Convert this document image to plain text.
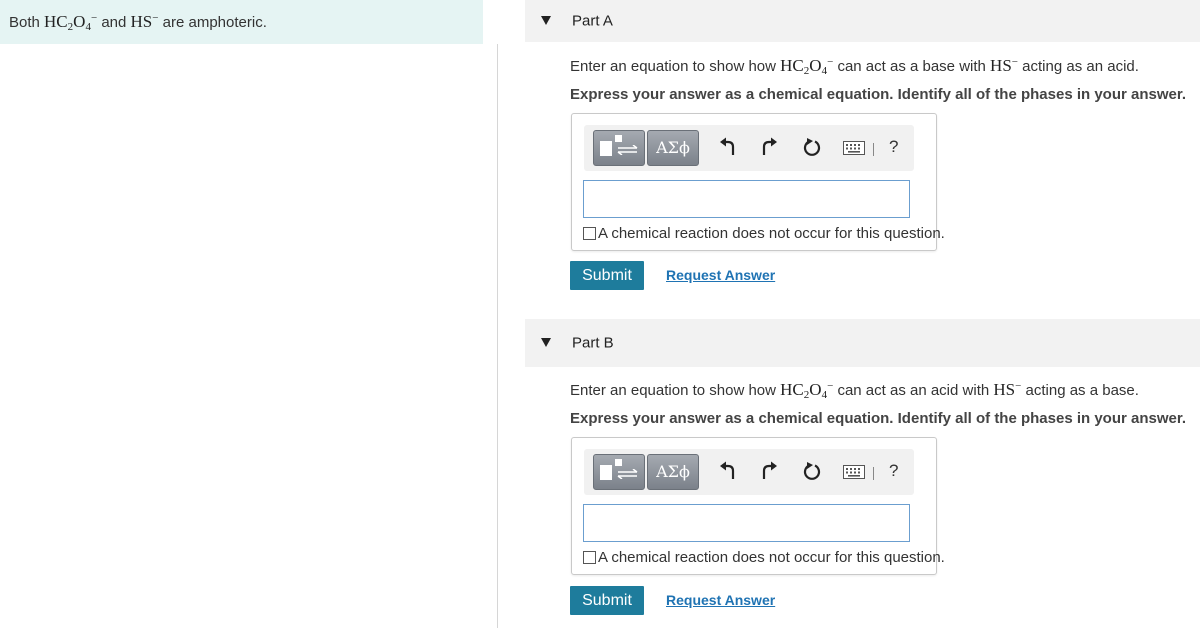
Both $HC_2O_4^-$ and HS− are amphoteric.	Part A
Enter an equation to show how $HC_2O_4^-$ can act as a base with HS− acting as an acid.
Express your answer as a chemical equation. Identify all of the phases in your answer.
ΑΣϕ	?
A chemical reaction does not occur for this question.
Submit	Request Answer
Part B
Enter an equation to show how $HC_2O_4^-$ can act as an acid with HS− acting as a base.
Express your answer as a chemical equation. Identify all of the phases in your answer.
ΑΣϕ	?
A chemical reaction does not occur for this question.
Submit	Request Answer
